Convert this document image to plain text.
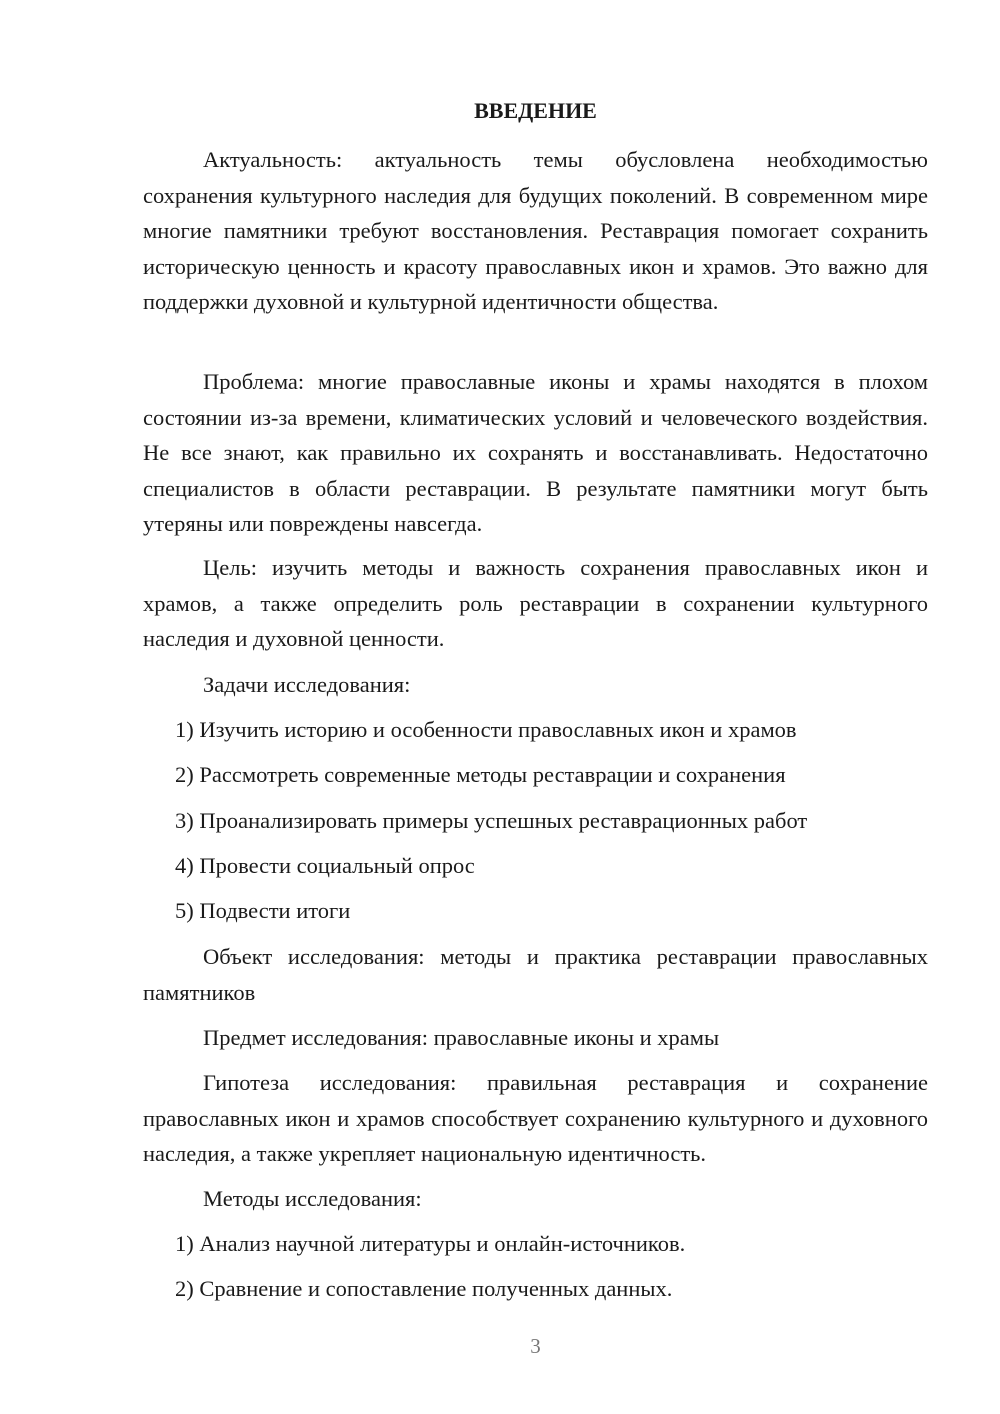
ВВЕДЕНИЕ

Актуальность: актуальность темы обусловлена необходимостью сохранения культурного наследия для будущих поколений. В современном мире многие памятники требуют восстановления. Реставрация помогает сохранить историческую ценность и красоту православных икон и храмов. Это важно для поддержки духовной и культурной идентичности общества.

Проблема: многие православные иконы и храмы находятся в плохом состоянии из-за времени, климатических условий и человеческого воздействия. Не все знают, как правильно их сохранять и восстанавливать. Недостаточно специалистов в области реставрации. В результате памятники могут быть утеряны или повреждены навсегда.

Цель: изучить методы и важность сохранения православных икон и храмов, а также определить роль реставрации в сохранении культурного наследия и духовной ценности.

Задачи исследования:

1) Изучить историю и особенности православных икон и храмов

2) Рассмотреть современные методы реставрации и сохранения

3) Проанализировать примеры успешных реставрационных работ

4) Провести социальный опрос

5) Подвести итоги

Объект исследования: методы и практика реставрации православных памятников

Предмет исследования: православные иконы и храмы

Гипотеза исследования: правильная реставрация и сохранение православных икон и храмов способствует сохранению культурного и духовного наследия, а также укрепляет национальную идентичность.

Методы исследования:

1) Анализ научной литературы и онлайн-источников.

2) Сравнение и сопоставление полученных данных.

3
